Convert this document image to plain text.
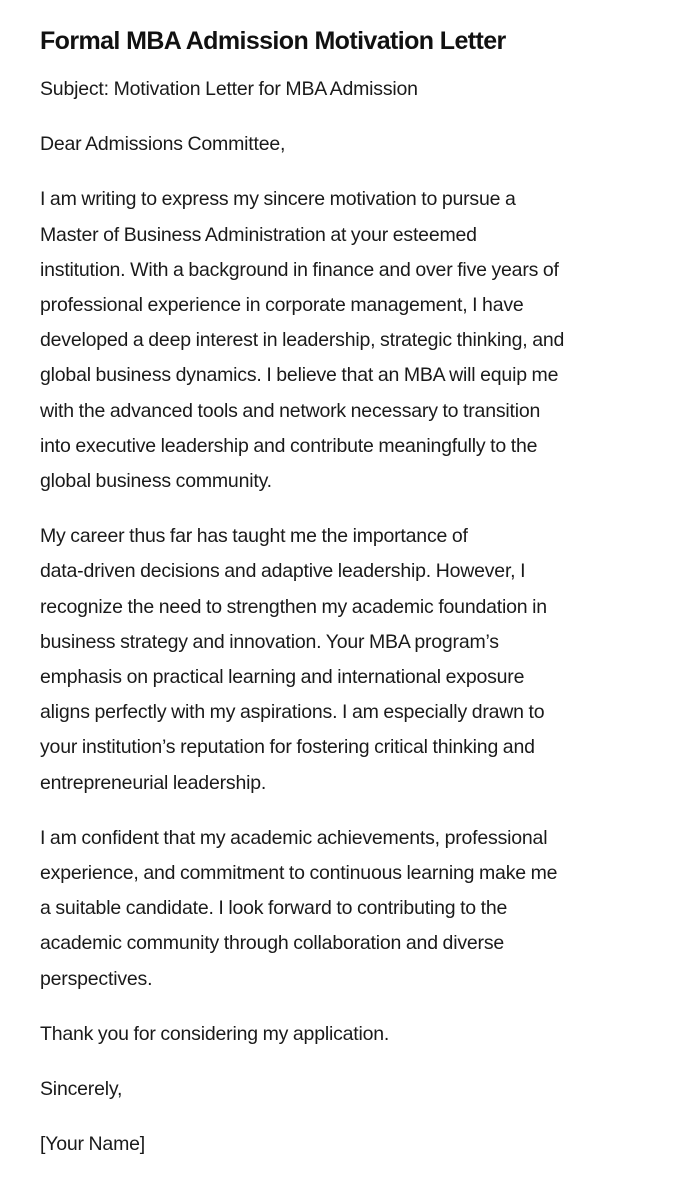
Formal MBA Admission Motivation Letter

Subject: Motivation Letter for MBA Admission

Dear Admissions Committee,

I am writing to express my sincere motivation to pursue a
Master of Business Administration at your esteemed
institution. With a background in finance and over five years of
professional experience in corporate management, I have
developed a deep interest in leadership, strategic thinking, and
global business dynamics. I believe that an MBA will equip me
with the advanced tools and network necessary to transition
into executive leadership and contribute meaningfully to the
global business community.

My career thus far has taught me the importance of
data-driven decisions and adaptive leadership. However, I
recognize the need to strengthen my academic foundation in
business strategy and innovation. Your MBA program’s
emphasis on practical learning and international exposure
aligns perfectly with my aspirations. I am especially drawn to
your institution’s reputation for fostering critical thinking and
entrepreneurial leadership.

I am confident that my academic achievements, professional
experience, and commitment to continuous learning make me
a suitable candidate. I look forward to contributing to the
academic community through collaboration and diverse
perspectives.

Thank you for considering my application.

Sincerely,

[Your Name]
